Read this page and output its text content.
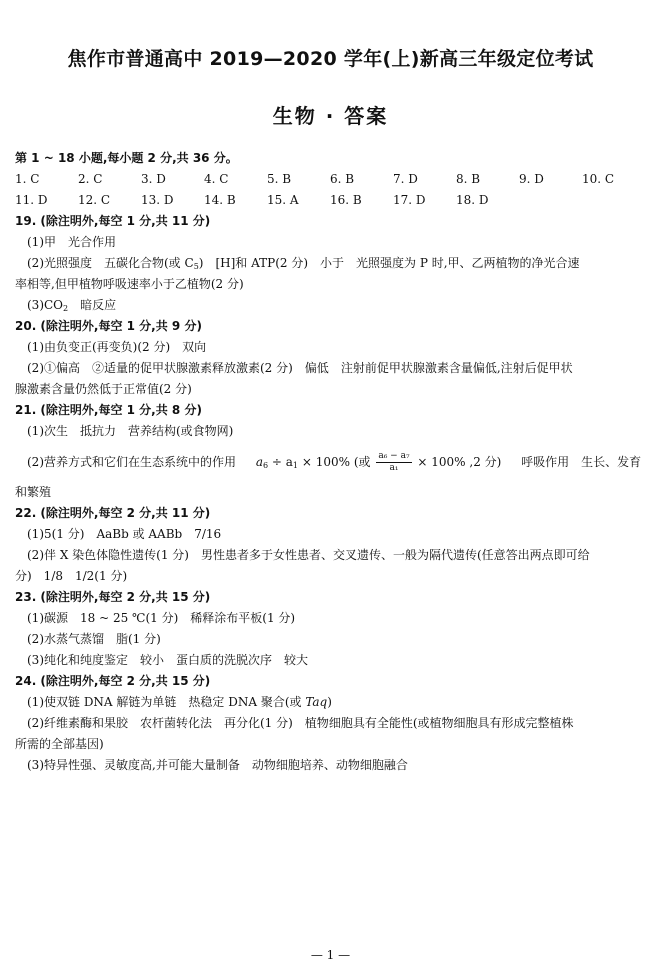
焦作市普通高中 2019—2020 学年(上)新高三年级定位考试
生物 · 答案
第 1 ~ 18 小题,每小题 2 分,共 36 分。
1. C	2. C	3. D	4. C	5. B	6. B	7. D	8. B	9. D	10. C
11. D	12. C	13. D	14. B	15. A	16. B	17. D	18. D
19. (除注明外,每空 1 分,共 11 分)
(1)甲　光合作用
(2)光照强度　五碳化合物(或 $C_5$)　[H]和 ATP(2 分)　小于　光照强度为 P 时,甲、乙两植物的净光合速
率相等,但甲植物呼吸速率小于乙植物(2 分)
$(3)CO_2$　暗反应
20. (除注明外,每空 1 分,共 9 分)
(1)由负变正(再变负)(2 分)　双向
(2)①偏高　②适量的促甲状腺激素释放激素(2 分)　偏低　注射前促甲状腺激素含量偏低,注射后促甲状
腺激素含量仍然低于正常值(2 分)
21. (除注明外,每空 1 分,共 8 分)
(1)次生　抵抗力　营养结构(或食物网)
(2)营养方式和它们在生态系统中的作用 $a_6 \div a_1 \times 100\%$ (或 $\frac{\text{a₆ − a₇}}{\text{a₁}} \times 100\%$ ,2 分) 呼吸作用　生长、发育
和繁殖
22. (除注明外,每空 2 分,共 11 分)
(1)5(1 分)　AaBb 或 AABb　7/16
(2)伴 X 染色体隐性遗传(1 分)　男性患者多于女性患者、交叉遗传、一般为隔代遗传(任意答出两点即可给
分)　1/8　1/2(1 分)
23. (除注明外,每空 2 分,共 15 分)
(1)碳源　18 ~ 25 ℃(1 分)　稀释涂布平板(1 分)
(2)水蒸气蒸馏　脂(1 分)
(3)纯化和纯度鉴定　较小　蛋白质的洗脱次序　较大
24. (除注明外,每空 2 分,共 15 分)
(1)使双链 DNA 解链为单链　热稳定 DNA 聚合(或 Taq)
(2)纤维素酶和果胶　农杆菌转化法　再分化(1 分)　植物细胞具有全能性(或植物细胞具有形成完整植株
所需的全部基因)
(3)特异性强、灵敏度高,并可能大量制备　动物细胞培养、动物细胞融合
— 1 —
